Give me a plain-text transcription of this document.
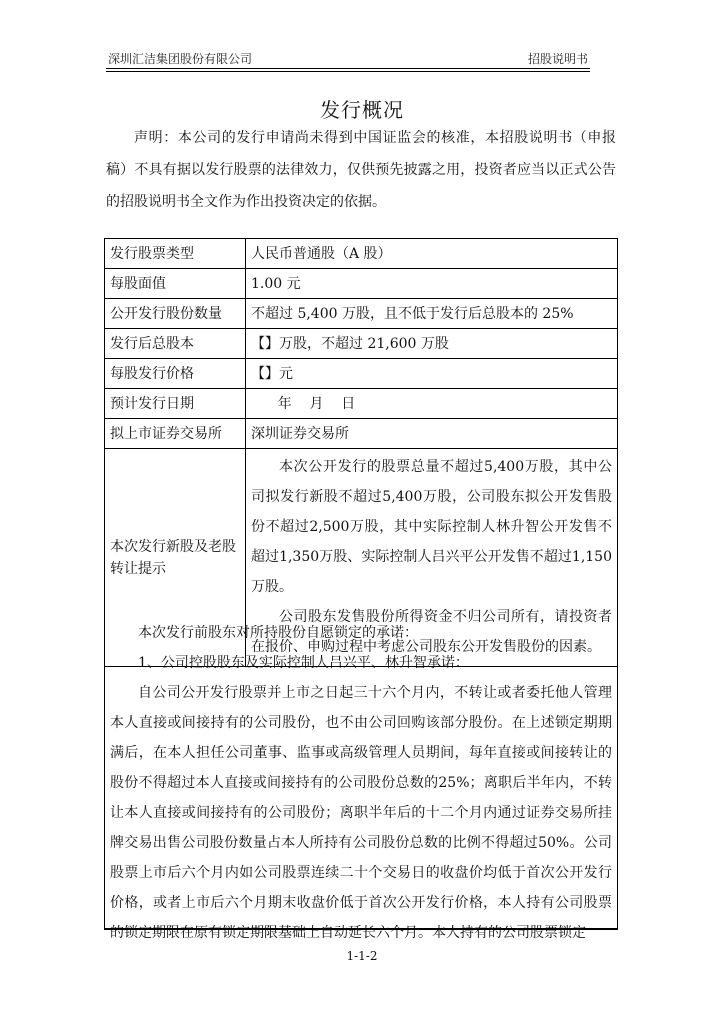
深圳汇洁集团股份有限公司	招股说明书
发行概况

声明：本公司的发行申请尚未得到中国证监会的核准，本招股说明书（申报稿）不具有据以发行股票的法律效力，仅供预先披露之用，投资者应当以正式公告的招股说明书全文作为作出投资决定的依据。

发行股票类型	人民币普通股（A 股）
每股面值	1.00 元
公开发行股份数量	不超过 5,400 万股，且不低于发行后总股本的 25%
发行后总股本	【】万股，不超过 21,600 万股
每股发行价格	【】元
预计发行日期	年    月    日
拟上市证券交易所	深圳证券交易所
本次发行新股及老股转让提示	本次公开发行的股票总量不超过5,400万股，其中公司拟发行新股不超过5,400万股，公司股东拟公开发售股份不超过2,500万股，其中实际控制人林升智公开发售不超过1,350万股、实际控制人吕兴平公开发售不超过1,150万股。

公司股东发售股份所得资金不归公司所有，请投资者在报价、申购过程中考虑公司股东公开发售股份的因素。

本次发行前股东对所持股份自愿锁定的承诺：

1、公司控股股东及实际控制人吕兴平、林升智承诺：

自公司公开发行股票并上市之日起三十六个月内，不转让或者委托他人管理本人直接或间接持有的公司股份，也不由公司回购该部分股份。在上述锁定期期满后，在本人担任公司董事、监事或高级管理人员期间，每年直接或间接转让的股份不得超过本人直接或间接持有的公司股份总数的25%；离职后半年内，不转让本人直接或间接持有的公司股份；离职半年后的十二个月内通过证券交易所挂牌交易出售公司股份数量占本人所持有公司股份总数的比例不得超过50%。公司股票上市后六个月内如公司股票连续二十个交易日的收盘价均低于首次公开发行价格，或者上市后六个月期末收盘价低于首次公开发行价格，本人持有公司股票的锁定期限在原有锁定期限基础上自动延长六个月。本人持有的公司股票锁定

1-1-2
